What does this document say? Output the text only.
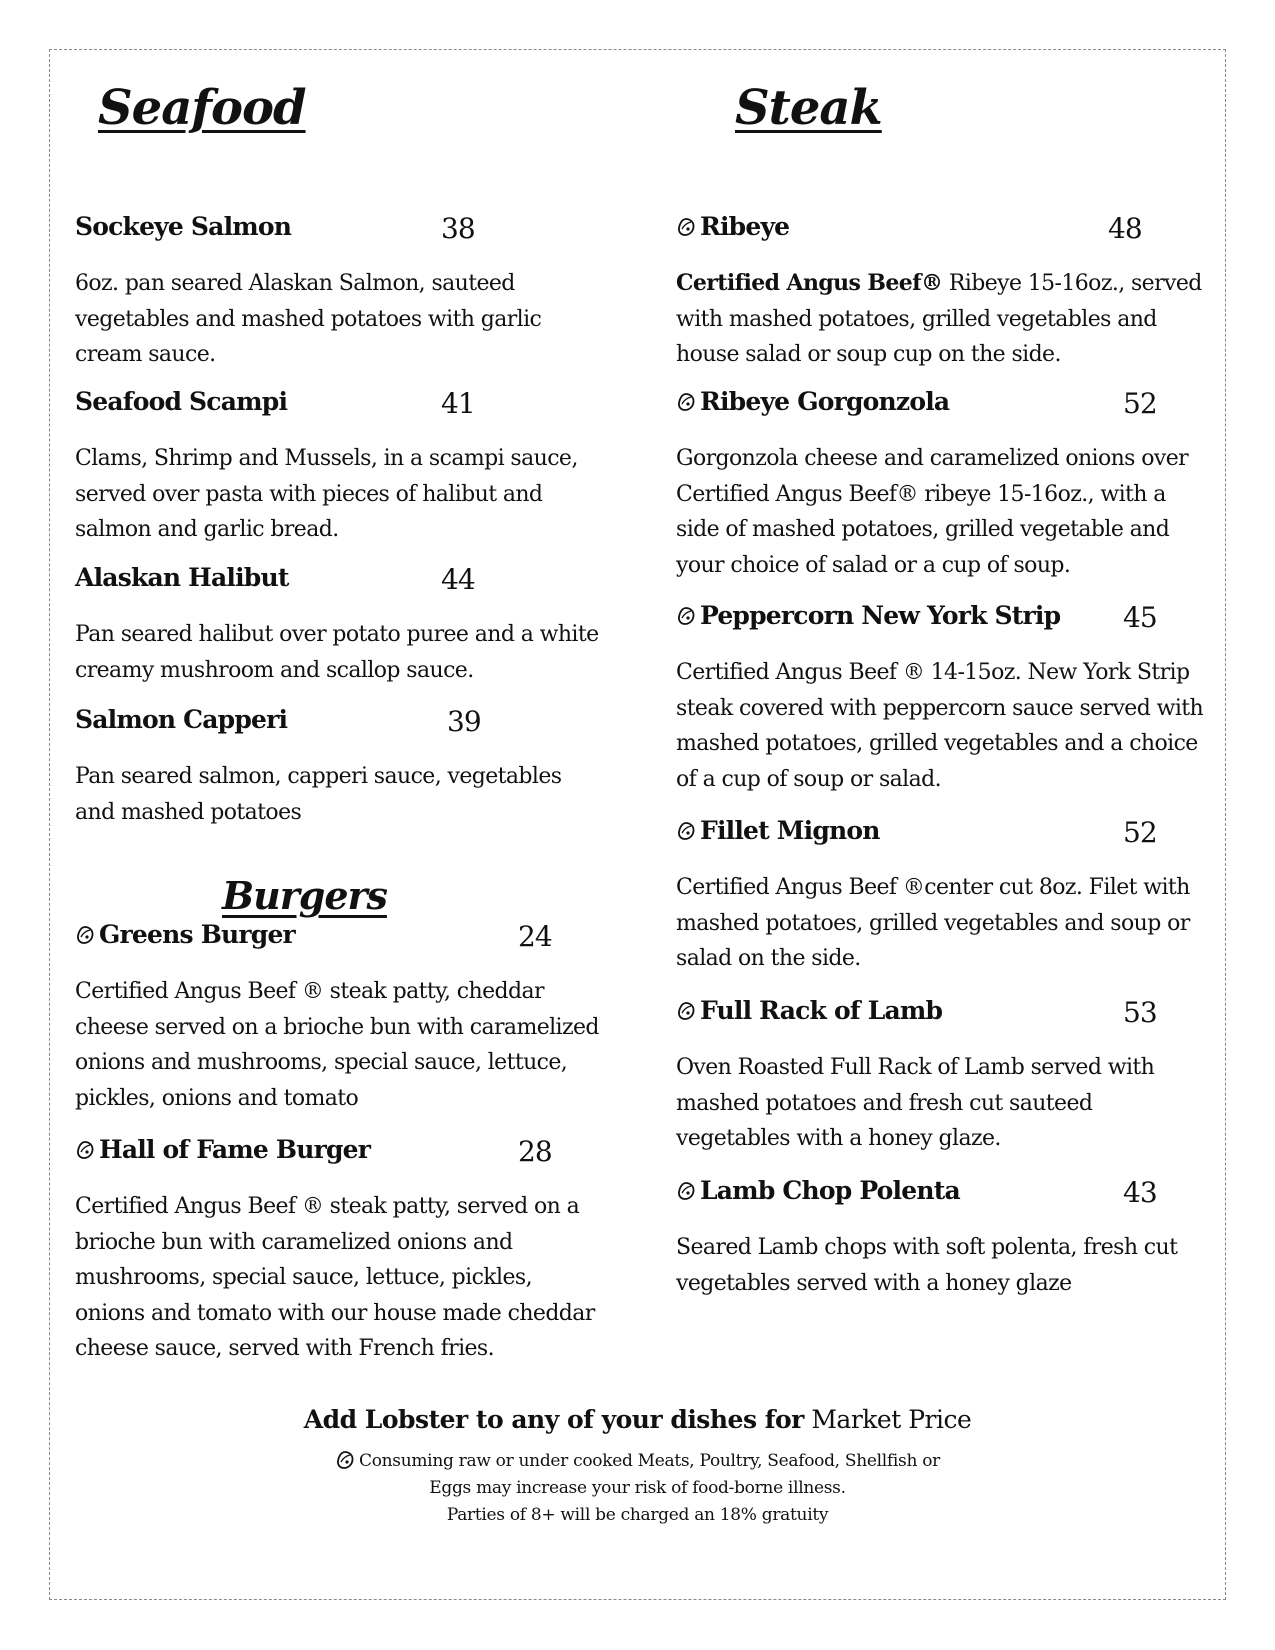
Seafood	Steak
Burgers
Sockeye Salmon	38

6oz. pan seared Alaskan Salmon, sauteed vegetables and mashed potatoes with garlic cream sauce.

Seafood Scampi	41

Clams, Shrimp and Mussels, in a scampi sauce, served over pasta with pieces of halibut and salmon and garlic bread.

Alaskan Halibut	44

Pan seared halibut over potato puree and a white creamy mushroom and scallop sauce.

Salmon Capperi	39

Pan seared salmon, capperi sauce, vegetables and mashed potatoes

Greens Burger	24

Certified Angus Beef ® steak patty, cheddar cheese served on a brioche bun with caramelized onions and mushrooms, special sauce, lettuce, pickles, onions and tomato

Hall of Fame Burger	28

Certified Angus Beef ® steak patty, served on a brioche bun with caramelized onions and mushrooms, special sauce, lettuce, pickles, onions and tomato with our house made cheddar cheese sauce, served with French fries.

Ribeye	48

Certified Angus Beef® Ribeye 15-16oz., served with mashed potatoes, grilled vegetables and house salad or soup cup on the side.

Ribeye Gorgonzola	52

Gorgonzola cheese and caramelized onions over Certified Angus Beef® ribeye 15-16oz., with a side of mashed potatoes, grilled vegetable and your choice of salad or a cup of soup.

Peppercorn New York Strip 45

Certified Angus Beef ® 14-15oz. New York Strip steak covered with peppercorn sauce served with mashed potatoes, grilled vegetables and a choice of a cup of soup or salad.

Fillet Mignon	52

Certified Angus Beef ®center cut 8oz. Filet with mashed potatoes, grilled vegetables and soup or salad on the side.

Full Rack of Lamb	53

Oven Roasted Full Rack of Lamb served with mashed potatoes and fresh cut sauteed vegetables with a honey glaze.

Lamb Chop Polenta	43

Seared Lamb chops with soft polenta, fresh cut vegetables served with a honey glaze

Add Lobster to any of your dishes for Market Price
Consuming raw or under cooked Meats, Poultry, Seafood, Shellfish or
Eggs may increase your risk of food-borne illness.
Parties of 8+ will be charged an 18% gratuity
